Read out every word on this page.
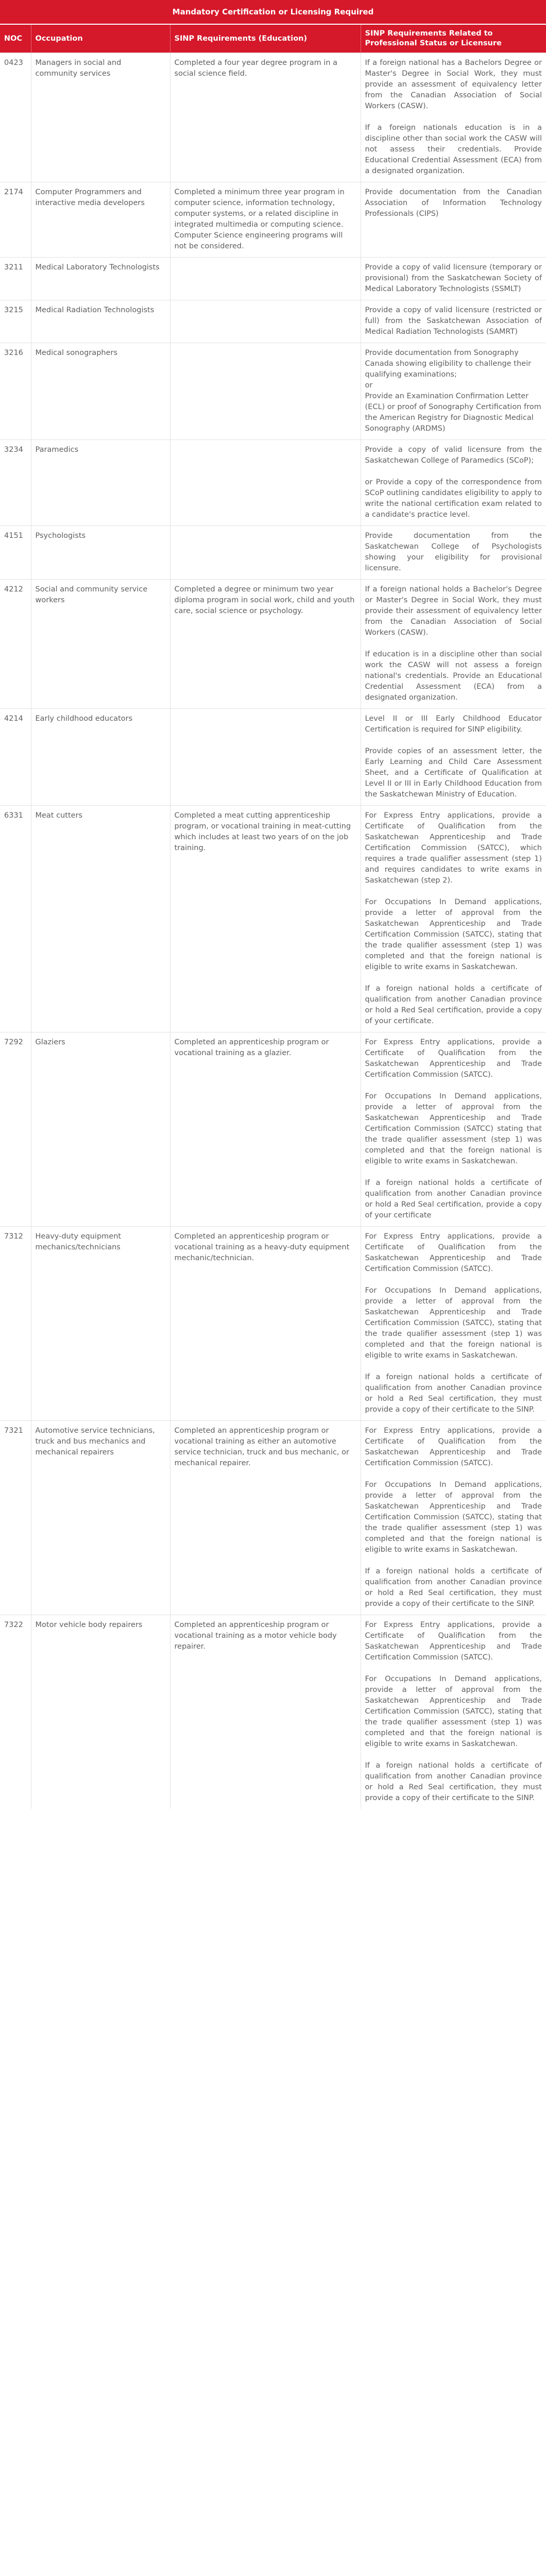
Mandatory Certification or Licensing Required
NOC	Occupation	SINP Requirements (Education)	SINP Requirements Related to Professional Status or Licensure
0423	Managers in social and community services	Completed a four year degree program in a social science field.	If a foreign national has a Bachelors Degree or Master's Degree in Social Work, they must provide an assessment of equivalency letter from the Canadian Association of Social Workers (CASW).

If a foreign nationals education is in a discipline other than social work the CASW will not assess their credentials. Provide Educational Credential Assessment (ECA) from a designated organization.

2174	Computer Programmers and interactive media developers	Completed a minimum three year program in computer science, information technology, computer systems, or a related discipline in integrated multimedia or computing science. Computer Science engineering programs will not be considered.	Provide documentation from the Canadian Association of Information Technology Professionals (CIPS)

3211	Medical Laboratory Technologists		Provide a copy of valid licensure (temporary or provisional) from the Saskatchewan Society of Medical Laboratory Technologists (SSMLT)

3215	Medical Radiation Technologists		Provide a copy of valid licensure (restricted or full) from the Saskatchewan Association of Medical Radiation Technologists (SAMRT)

3216	Medical sonographers		Provide documentation from Sonography Canada showing eligibility to challenge their qualifying examinations;
or
Provide an Examination Confirmation Letter (ECL) or proof of Sonography Certification from the American Registry for Diagnostic Medical Sonography (ARDMS)

3234	Paramedics		Provide a copy of valid licensure from the Saskatchewan College of Paramedics (SCoP);

or Provide a copy of the correspondence from SCoP outlining candidates eligibility to apply to write the national certification exam related to a candidate's practice level.

4151	Psychologists		Provide documentation from the Saskatchewan College of Psychologists showing your eligibility for provisional licensure.

4212	Social and community service workers	Completed a degree or minimum two year diploma program in social work, child and youth care, social science or psychology.	If a foreign national holds a Bachelor's Degree or Master's Degree in Social Work, they must provide their assessment of equivalency letter from the Canadian Association of Social Workers (CASW).

If education is in a discipline other than social work the CASW will not assess a foreign national's credentials. Provide an Educational Credential Assessment (ECA) from a designated organization.

4214	Early childhood educators		Level II or III Early Childhood Educator Certification is required for SINP eligibility.

Provide copies of an assessment letter, the Early Learning and Child Care Assessment Sheet, and a Certificate of Qualification at Level II or III in Early Childhood Education from the Saskatchewan Ministry of Education.

6331	Meat cutters	Completed a meat cutting apprenticeship program, or vocational training in meat-cutting which includes at least two years of on the job training.	For Express Entry applications, provide a Certificate of Qualification from the Saskatchewan Apprenticeship and Trade Certification Commission (SATCC), which requires a trade qualifier assessment (step 1) and requires candidates to write exams in Saskatchewan (step 2).

For Occupations In Demand applications, provide a letter of approval from the Saskatchewan Apprenticeship and Trade Certification Commission (SATCC), stating that the trade qualifier assessment (step 1) was completed and that the foreign national is eligible to write exams in Saskatchewan.

If a foreign national holds a certificate of qualification from another Canadian province or hold a Red Seal certification, provide a copy of your certificate.

7292	Glaziers	Completed an apprenticeship program or vocational training as a glazier.	For Express Entry applications, provide a Certificate of Qualification from the Saskatchewan Apprenticeship and Trade Certification Commission (SATCC).

For Occupations In Demand applications, provide a letter of approval from the Saskatchewan Apprenticeship and Trade Certification Commission (SATCC) stating that the trade qualifier assessment (step 1) was completed and that the foreign national is eligible to write exams in Saskatchewan.

If a foreign national holds a certificate of qualification from another Canadian province or hold a Red Seal certification, provide a copy of your certificate

7312	Heavy-duty equipment mechanics/technicians	Completed an apprenticeship program or vocational training as a heavy-duty equipment mechanic/technician.	For Express Entry applications, provide a Certificate of Qualification from the Saskatchewan Apprenticeship and Trade Certification Commission (SATCC).

For Occupations In Demand applications, provide a letter of approval from the Saskatchewan Apprenticeship and Trade Certification Commission (SATCC), stating that the trade qualifier assessment (step 1) was completed and that the foreign national is eligible to write exams in Saskatchewan.

If a foreign national holds a certificate of qualification from another Canadian province or hold a Red Seal certification, they must provide a copy of their certificate to the SINP.

7321	Automotive service technicians, truck and bus mechanics and mechanical repairers	Completed an apprenticeship program or vocational training as either an automotive service technician, truck and bus mechanic, or mechanical repairer.	For Express Entry applications, provide a Certificate of Qualification from the Saskatchewan Apprenticeship and Trade Certification Commission (SATCC).

For Occupations In Demand applications, provide a letter of approval from the Saskatchewan Apprenticeship and Trade Certification Commission (SATCC), stating that the trade qualifier assessment (step 1) was completed and that the foreign national is eligible to write exams in Saskatchewan.

If a foreign national holds a certificate of qualification from another Canadian province or hold a Red Seal certification, they must provide a copy of their certificate to the SINP.

7322	Motor vehicle body repairers	Completed an apprenticeship program or vocational training as a motor vehicle body repairer.	For Express Entry applications, provide a Certificate of Qualification from the Saskatchewan Apprenticeship and Trade Certification Commission (SATCC).

For Occupations In Demand applications, provide a letter of approval from the Saskatchewan Apprenticeship and Trade Certification Commission (SATCC), stating that the trade qualifier assessment (step 1) was completed and that the foreign national is eligible to write exams in Saskatchewan.

If a foreign national holds a certificate of qualification from another Canadian province or hold a Red Seal certification, they must provide a copy of their certificate to the SINP.
